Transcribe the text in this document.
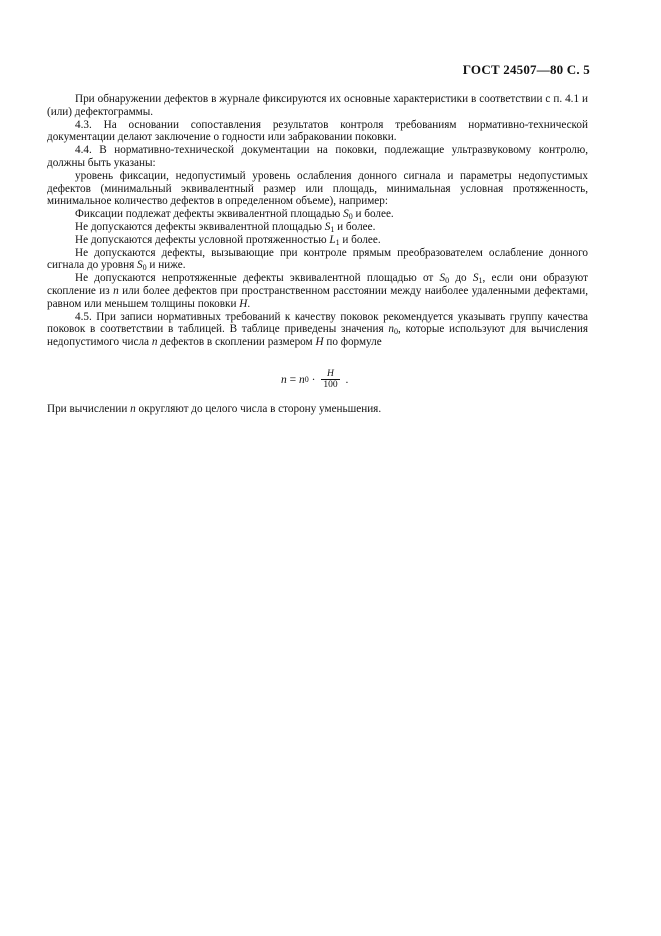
ГОСТ 24507—80 С. 5

При обнаружении дефектов в журнале фиксируются их основные характеристики в соответствии с п. 4.1 и (или) дефектограммы.

4.3. На основании сопоставления результатов контроля требованиям нормативно-технической документации делают заключение о годности или забраковании поковки.

4.4. В нормативно-технической документации на поковки, подлежащие ультразвуковому контролю, должны быть указаны:

уровень фиксации, недопустимый уровень ослабления донного сигнала и параметры недопустимых дефектов (минимальный эквивалентный размер или площадь, минимальная условная протяженность, минимальное количество дефектов в определенном объеме), например:

Фиксации подлежат дефекты эквивалентной площадью $S_0$ и более.

Не допускаются дефекты эквивалентной площадью $S_1$ и более.

Не допускаются дефекты условной протяженностью $L_1$ и более.

Не допускаются дефекты, вызывающие при контроле прямым преобразователем ослабление донного сигнала до уровня $S_0$ и ниже.

Не допускаются непротяженные дефекты эквивалентной площадью от $S_0$ до $S_1$, если они образуют скопление из n или более дефектов при пространственном расстоянии между наиболее удаленными дефектами, равном или меньшем толщины поковки H.

4.5. При записи нормативных требований к качеству поковок рекомендуется указывать группу качества поковок в соответствии в таблицей. В таблице приведены значения $n_0$, которые используют для вычисления недопустимого числа n дефектов в скоплении размером H по формуле

n = n $0 \cdot \frac{H}{100}$ .
При вычислении n округляют до целого числа в сторону уменьшения.
